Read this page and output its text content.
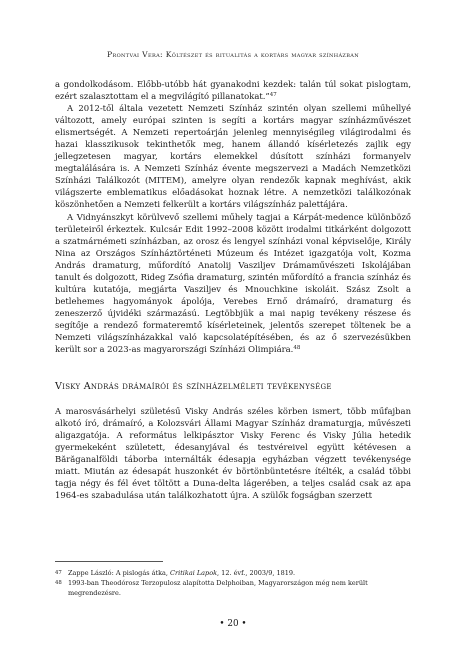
Prontvai Vera: Költészet és ritualitás a kortárs magyar színházban

a gondolkodásom. Előbb-utóbb hát gyanakodni kezdek: talán túl sokat pislogtam, ezért szalasztottam el a megvilágító pillanatokat.”$^{47}$

A 2012-től általa vezetett Nemzeti Színház szintén olyan szellemi műhellyé változott, amely európai szinten is segíti a kortárs magyar színházművészet elismertségét. A Nemzeti repertoárján jelenleg mennyiségileg világirodalmi és hazai klasszikusok tekinthetők meg, hanem állandó kísérletezés zajlik egy jellegzetesen magyar, kortárs elemekkel dúsított színházi formanyelv megtalálására is. A Nemzeti Színház évente megszervezi a Madách Nemzetközi Színházi Találkozót (MITEM), amelyre olyan rendezők kapnak meghívást, akik világszerte emblematikus előadásokat hoznak létre. A nemzetközi találkozónak köszönhetően a Nemzeti felkerült a kortárs világszínház palettájára.

A Vidnyánszkyt körülvevő szellemi műhely tagjai a Kárpát-medence különböző területeiről érkeztek. Kulcsár Edit 1992–2008 között irodalmi titkárként dolgozott a szatmárnémeti színházban, az orosz és lengyel színházi vonal képviselője, Király Nina az Országos Színháztörténeti Múzeum és Intézet igazgatója volt, Kozma András dramaturg, műfordító Anatolij Vasziljev Drámaművészeti Iskolájában tanult és dolgozott, Rideg Zsófia dramaturg, szintén műfordító a francia színház és kultúra kutatója, megjárta Vasziljev és Mnouchkine iskoláit. Szász Zsolt a betlehemes hagyományok ápolója, Verebes Ernő drámaíró, dramaturg és zeneszerző újvidéki származású. Legtöbbjük a mai napig tevékeny részese és segítője a rendező formateremtő kísérleteinek, jelentős szerepet töltenek be a Nemzeti világszínházakkal való kapcsolatépítésében, és az ő szervezésükben került sor a 2023-as magyarországi Színházi Olimpiára.$^{48}$

Visky András drámaírói és színházelméleti tevékenysége

A marosvásárhelyi születésű Visky András széles körben ismert, több műfajban alkotó író, drámaíró, a Kolozsvári Állami Magyar Színház dramaturgja, művészeti aligazgatója. A református lelkipásztor Visky Ferenc és Visky Júlia hetedik gyermekeként született, édesanyjával és testvéreivel együtt kétévesen a Bărăganalföldi táborba internálták édesapja egyházban végzett tevékenysége miatt. Miután az édesapát huszonkét év börtönbüntetésre ítélték, a család többi tagja négy és fél évet töltött a Duna-delta lágerében, a teljes család csak az apa 1964-es szabadulása után találkozhatott újra. A szülők fogságban szerzett

47 Zappe László: A pislogás átka, Critikai Lapok, 12. évf., 2003/9, 1819.
48 1993-ban Theodórosz Terzopulosz alapította Delphoiban, Magyarországon még nem került megrendezésre.
• 20 •
